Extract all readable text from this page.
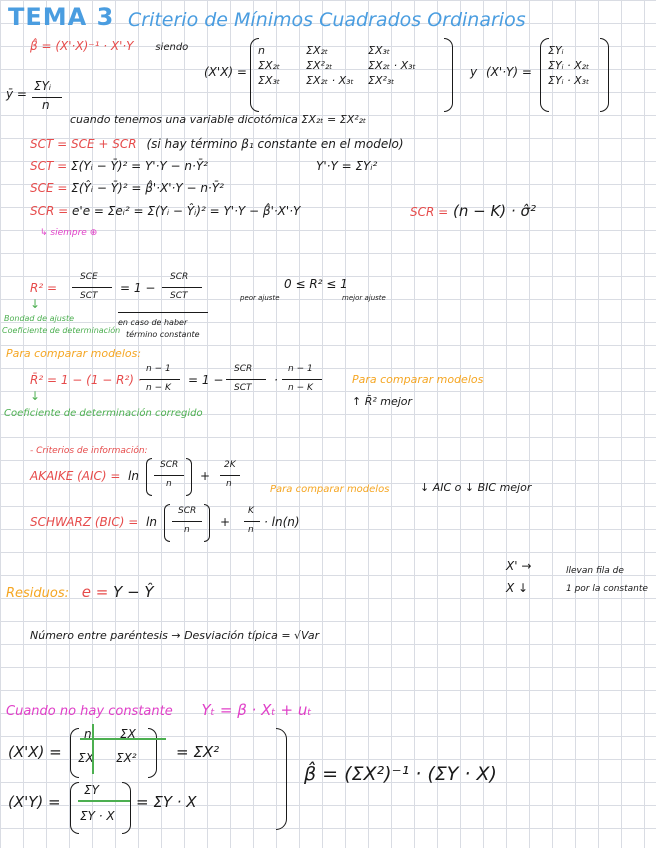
TEMA 3 Criterio de Mínimos Cuadrados Ordinarios
β̂ = (X'·X)⁻¹ · X'·Y siendo
ȳ =
ΣYᵢ
n
(X'X) =
n	ΣX₂ₜ	ΣX₃ₜ
ΣX₂ₜ	ΣX²₂ₜ	ΣX₂ₜ · X₃ₜ
ΣX₃ₜ	ΣX₂ₜ · X₃ₜ	ΣX²₃ₜ
y (X'·Y) =
ΣYᵢ
ΣYᵢ · X₂ₜ
ΣYᵢ · X₃ₜ
cuando tenemos una variable dicotómica ΣX₂ₜ = ΣX²₂ₜ
SCT = SCE + SCR (si hay término β₁ constante en el modelo)
SCT = Σ(Yᵢ − Ȳ)² = Y'·Y − n·Ȳ²	Y'·Y = ΣYᵢ²
SCE = Σ(Ŷᵢ − Ȳ)² = β̂'·X'·Y − n·Ȳ²
SCR = e'e = Σeᵢ² = Σ(Yᵢ − Ŷᵢ)² = Y'·Y − β̂'·X'·Y	SCR = (n − K) · σ̂²
↳ siempre ⊕
R² =
SCE
SCT
= 1 −
SCR
SCT
0 ≤ R² ≤ 1
peor ajuste	mejor ajuste
↓
Bondad de ajuste
Coeficiente de determinación
en caso de haber
término constante
Para comparar modelos:
R̄² = 1 − (1 − R²) ·
n − 1
n − K
= 1 −
SCR
SCT
·
n − 1
n − K
Para comparar modelos
↑ R̄² mejor
↓
Coeficiente de determinación corregido
- Criterios de información:
AKAIKE (AIC) = ln
SCR
n
+
2K
n	Para comparar modelos	↓ AIC o ↓ BIC mejor
SCHWARZ (BIC) = ln
SCR
n
+
K
n
· ln(n)
X' →
X ↓
llevan fila de
1 por la constante
Residuos: e = Y − Ŷ
Número entre paréntesis → Desviación típica = √Var
Cuando no hay constante Yₜ = β · Xₜ + uₜ
(X'X) =
n ΣX
ΣX ΣX²	= ΣX²
(X'Y) =
ΣY
ΣY · X
= ΣY · X
β̂ = (ΣX²)⁻¹ · (ΣY · X)
